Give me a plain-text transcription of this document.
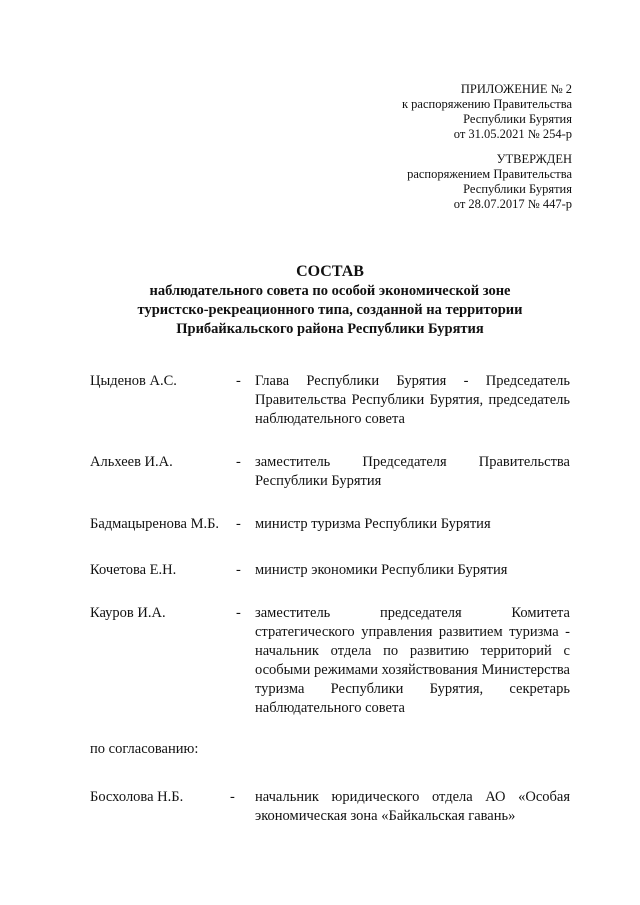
ПРИЛОЖЕНИЕ № 2
к распоряжению Правительства
Республики Бурятия
от 31.05.2021 № 254-р
УТВЕРЖДЕН
распоряжением Правительства
Республики Бурятия
от 28.07.2017 № 447-р
СОСТАВ
наблюдательного совета по особой экономической зоне
туристско-рекреационного типа, созданной на территории
Прибайкальского района Республики Бурятия
Цыденов А.С.	- Глава Республики Бурятия - Председатель Правительства Республики Бурятия, председатель наблюдательного совета
Альхеев И.А.	- заместитель Председателя Правительства Республики Бурятия
Бадмацыренова М.Б.	- министр туризма Республики Бурятия
Кочетова Е.Н.	- министр экономики Республики Бурятия
Кауров И.А.	- заместитель председателя Комитета стратегического управления развитием туризма - начальник отдела по развитию территорий с особыми режимами хозяйствования Министерства туризма Республики Бурятия, секретарь наблюдательного совета
по согласованию:
Босхолова Н.Б.	-	начальник юридического отдела АО «Особая экономическая зона «Байкальская гавань»
